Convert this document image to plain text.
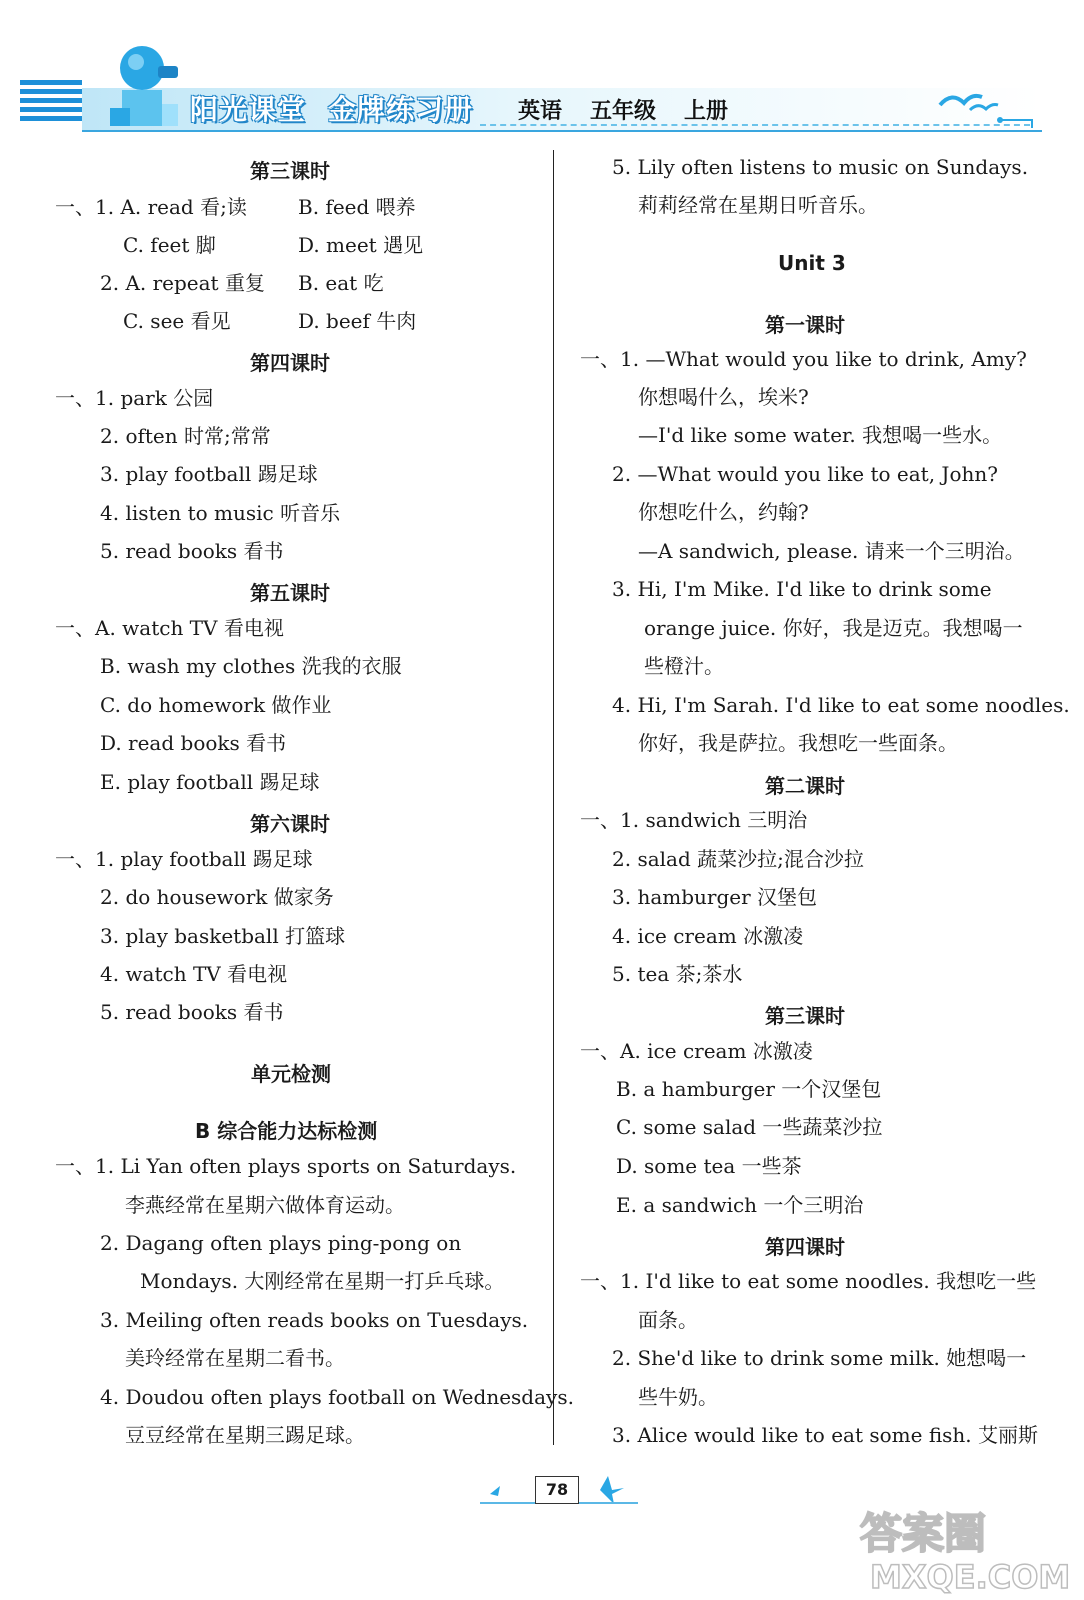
阳光课堂 金牌练习册	英语 五年级 上册
第三课时
一、1. A. read 看;读	B. feed 喂养
C. feet 脚	D. meet 遇见
2. A. repeat 重复 B. eat 吃
C. see 看见	D. beef 牛肉
第四课时
一、1. park 公园
2. often 时常;常常
3. play football 踢足球
4. listen to music 听音乐
5. read books 看书
第五课时
一、A. watch TV 看电视
B. wash my clothes 洗我的衣服
C. do homework 做作业
D. read books 看书
E. play football 踢足球
第六课时
一、1. play football 踢足球
2. do housework 做家务
3. play basketball 打篮球
4. watch TV 看电视
5. read books 看书
单元检测
B 综合能力达标检测
一、1. Li Yan often plays sports on Saturdays.
李燕经常在星期六做体育运动。
2. Dagang often plays ping-pong on
Mondays. 大刚经常在星期一打乒乓球。
3. Meiling often reads books on Tuesdays.
美玲经常在星期二看书。
4. Doudou often plays football on Wednesdays.
豆豆经常在星期三踢足球。
5. Lily often listens to music on Sundays.
莉莉经常在星期日听音乐。
Unit 3
第一课时
一、1. —What would you like to drink, Amy?
你想喝什么，埃米?
—I'd like some water. 我想喝一些水。
2. —What would you like to eat, John?
你想吃什么，约翰?
—A sandwich, please. 请来一个三明治。
3. Hi, I'm Mike. I'd like to drink some
orange juice. 你好，我是迈克。我想喝一
些橙汁。
4. Hi, I'm Sarah. I'd like to eat some noodles.
你好，我是萨拉。我想吃一些面条。
第二课时
一、1. sandwich 三明治
2. salad 蔬菜沙拉;混合沙拉
3. hamburger 汉堡包
4. ice cream 冰激凌
5. tea 茶;茶水
第三课时
一、A. ice cream 冰激凌
B. a hamburger 一个汉堡包
C. some salad 一些蔬菜沙拉
D. some tea 一些茶
E. a sandwich 一个三明治
第四课时
一、1. I'd like to eat some noodles. 我想吃一些
面条。
2. She'd like to drink some milk. 她想喝一
些牛奶。
3. Alice would like to eat some fish. 艾丽斯
78
答案圈
MXQE.COM
